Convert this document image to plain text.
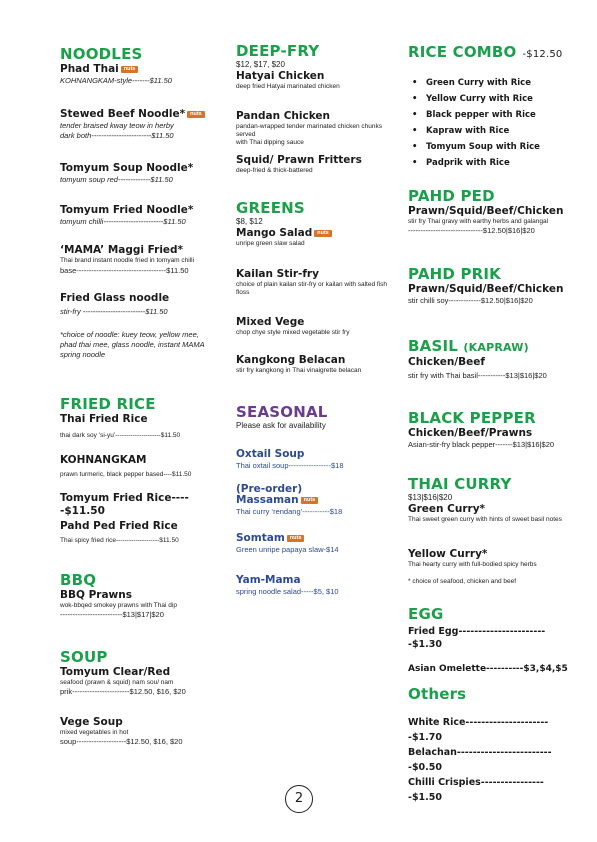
NOODLES
Phad Thai nuts
KOHNANGKAM-style-------$11.50
Stewed Beef Noodle* nuts
tender braised kway teow in herby
dark both------------------------$11.50
Tomyum Soup Noodle*
tomyum soup red-------------$11.50
Tomyum Fried Noodle*
tomyum chilli------------------------$11.50
‘MAMA’ Maggi Fried*
Thai brand instant noodle fried in tomyam chilli
base------------------------------------$11.50
Fried Glass noodle
stir-fry -------------------------$11.50
*choice of noodle: kuey teow, yellow mee, phad thai mee, glass noodle, instant MAMA spring noodle
FRIED RICE
Thai Fried Rice
thai dark soy ‘si-yu’---------------------$11.50
KOHNANGKAM
prawn turmeric, black pepper based----$11.50
Tomyum Fried Rice-----$11.50
Pahd Ped Fried Rice
Thai spicy fried rice--------------------$11.50
BBQ
BBQ Prawns
wok-bbqed smokey prawns with Thai dip
-------------------------$13|$17|$20
SOUP
Tomyum Clear/Red
seafood (prawn & squid) nam sou/ nam
prik-----------------------$12.50, $16, $20
Vege Soup
mixed vegetables in hot
soup--------------------$12.50, $16, $20
DEEP-FRY
$12, $17, $20
Hatyai Chicken
deep fried Hatyai marinated chicken
Pandan Chicken
pandan-wrapped tender marinated chicken chunks served
with Thai dipping sauce
Squid/ Prawn Fritters
deep-fried & thick-battered
GREENS
$8, $12
Mango Salad nuts
unripe green slaw salad
Kailan Stir-fry
choice of plain kailan stir-fry or kailan with salted fish
floss
Mixed Vege
chop chye style mixed vegetable stir fry
Kangkong Belacan
stir fry kangkong in Thai vinaigrette belacan
SEASONAL
Please ask for availability
Oxtail Soup
Thai oxtail soup-----------------$18
(Pre-order)
Massaman nuts
Thai curry ‘rendang’-----------$18
Somtam nuts
Green unripe papaya slaw-$14
Yam-Mama
spring noodle salad-----$5, $10
RICE COMBO -$12.50
• Green Curry with Rice
• Yellow Curry with Rice
• Black pepper with Rice
• Kapraw with Rice
• Tomyum Soup with Rice
• Padprik with Rice
PAHD PED
Prawn/Squid/Beef/Chicken
stir fry Thai gravy with earthy herbs and galangal
------------------------------$12.50|$16|$20
PAHD PRIK
Prawn/Squid/Beef/Chicken
stir chilli soy-------------$12.50|$16|$20
BASIL (KAPRAW)
Chicken/Beef
stir fry with Thai basil-----------$13|$16|$20
BLACK PEPPER
Chicken/Beef/Prawns
Asian-stir-fry black pepper-------$13|$16|$20
THAI CURRY
$13|$16|$20
Green Curry*
Thai sweet green curry with hints of sweet basil notes
Yellow Curry*
Thai hearty curry with full-bodied spicy herbs
* choice of seafood, chicken and beef
EGG
Fried Egg-----------------------$1.30
Asian Omelette----------$3,$4,$5
Others
White Rice----------------------$1.70
Belachan-------------------------$0.50
Chilli Crispies-----------------$1.50
2
